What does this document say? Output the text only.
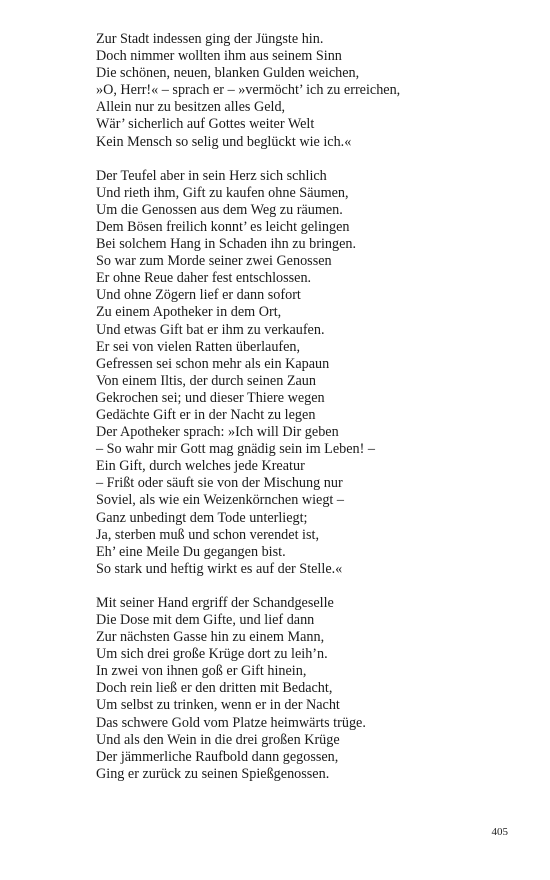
Zur Stadt indessen ging der Jüngste hin.
Doch nimmer wollten ihm aus seinem Sinn
Die schönen, neuen, blanken Gulden weichen,
»O, Herr!« – sprach er – »vermöcht’ ich zu erreichen,
Allein nur zu besitzen alles Geld,
Wär’ sicherlich auf Gottes weiter Welt
Kein Mensch so selig und beglückt wie ich.«
Der Teufel aber in sein Herz sich schlich
Und rieth ihm, Gift zu kaufen ohne Säumen,
Um die Genossen aus dem Weg zu räumen.
Dem Bösen freilich konnt’ es leicht gelingen
Bei solchem Hang in Schaden ihn zu bringen.
So war zum Morde seiner zwei Genossen
Er ohne Reue daher fest entschlossen.
Und ohne Zögern lief er dann sofort
Zu einem Apotheker in dem Ort,
Und etwas Gift bat er ihm zu verkaufen.
Er sei von vielen Ratten überlaufen,
Gefressen sei schon mehr als ein Kapaun
Von einem Iltis, der durch seinen Zaun
Gekrochen sei; und dieser Thiere wegen
Gedächte Gift er in der Nacht zu legen
Der Apotheker sprach: »Ich will Dir geben
– So wahr mir Gott mag gnädig sein im Leben! –
Ein Gift, durch welches jede Kreatur
– Frißt oder säuft sie von der Mischung nur
Soviel, als wie ein Weizenkörnchen wiegt –
Ganz unbedingt dem Tode unterliegt;
Ja, sterben muß und schon verendet ist,
Eh’ eine Meile Du gegangen bist.
So stark und heftig wirkt es auf der Stelle.«
Mit seiner Hand ergriff der Schandgeselle
Die Dose mit dem Gifte, und lief dann
Zur nächsten Gasse hin zu einem Mann,
Um sich drei große Krüge dort zu leih’n.
In zwei von ihnen goß er Gift hinein,
Doch rein ließ er den dritten mit Bedacht,
Um selbst zu trinken, wenn er in der Nacht
Das schwere Gold vom Platze heimwärts trüge.
Und als den Wein in die drei großen Krüge
Der jämmerliche Raufbold dann gegossen,
Ging er zurück zu seinen Spießgenossen.
405
